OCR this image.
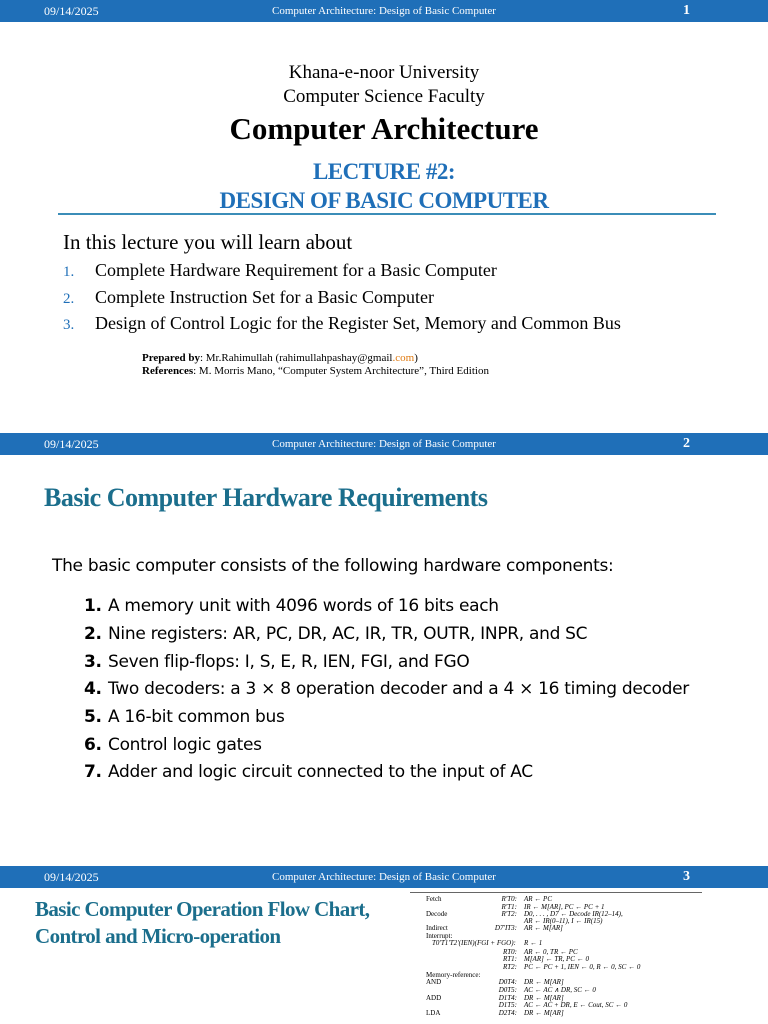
09/14/2025	Computer Architecture: Design of Basic Computer	1
Khana-e-noor University
Computer Science Faculty
Computer Architecture
LECTURE #2:
DESIGN OF BASIC COMPUTER
In this lecture you will learn about
1. Complete Hardware Requirement for a Basic Computer
2. Complete Instruction Set for a Basic Computer
3. Design of Control Logic for the Register Set, Memory and Common Bus
Prepared by: Mr.Rahimullah (rahimullahpashay@gmail.com)
References: M. Morris Mano, “Computer System Architecture”, Third Edition
09/14/2025	Computer Architecture: Design of Basic Computer	2
Basic Computer Hardware Requirements
The basic computer consists of the following hardware components:
1. A memory unit with 4096 words of 16 bits each
2. Nine registers: AR, PC, DR, AC, IR, TR, OUTR, INPR, and SC
3. Seven flip-flops: I, S, E, R, IEN, FGI, and FGO
4. Two decoders: a 3 × 8 operation decoder and a 4 × 16 timing decoder
5. A 16-bit common bus
6. Control logic gates
7. Adder and logic circuit connected to the input of AC
09/14/2025	Computer Architecture: Design of Basic Computer	3
Basic Computer Operation Flow Chart,
Control and Micro-operation
Fetch	R'T0: AR ← PC
R'T1: IR ← M[AR], PC ← PC + 1
Decode	R'T2: D0, . . . , D7 ← Decode IR(12–14),
AR ← IR(0–11), I ← IR(15)
Indirect	D7'IT3: AR ← M[AR]
Interrupt:
T0'T1'T2'(IEN)(FGI + FGO): R ← 1
RT0: AR ← 0, TR ← PC
RT1: M[AR] ← TR, PC ← 0
RT2: PC ← PC + 1, IEN ← 0, R ← 0, SC ← 0
Memory-reference:
AND	D0T4: DR ← M[AR]
D0T5: AC ← AC ∧ DR, SC ← 0
ADD	D1T4: DR ← M[AR]
D1T5: AC ← AC + DR, E ← Cout, SC ← 0
LDA	D2T4: DR ← M[AR]
